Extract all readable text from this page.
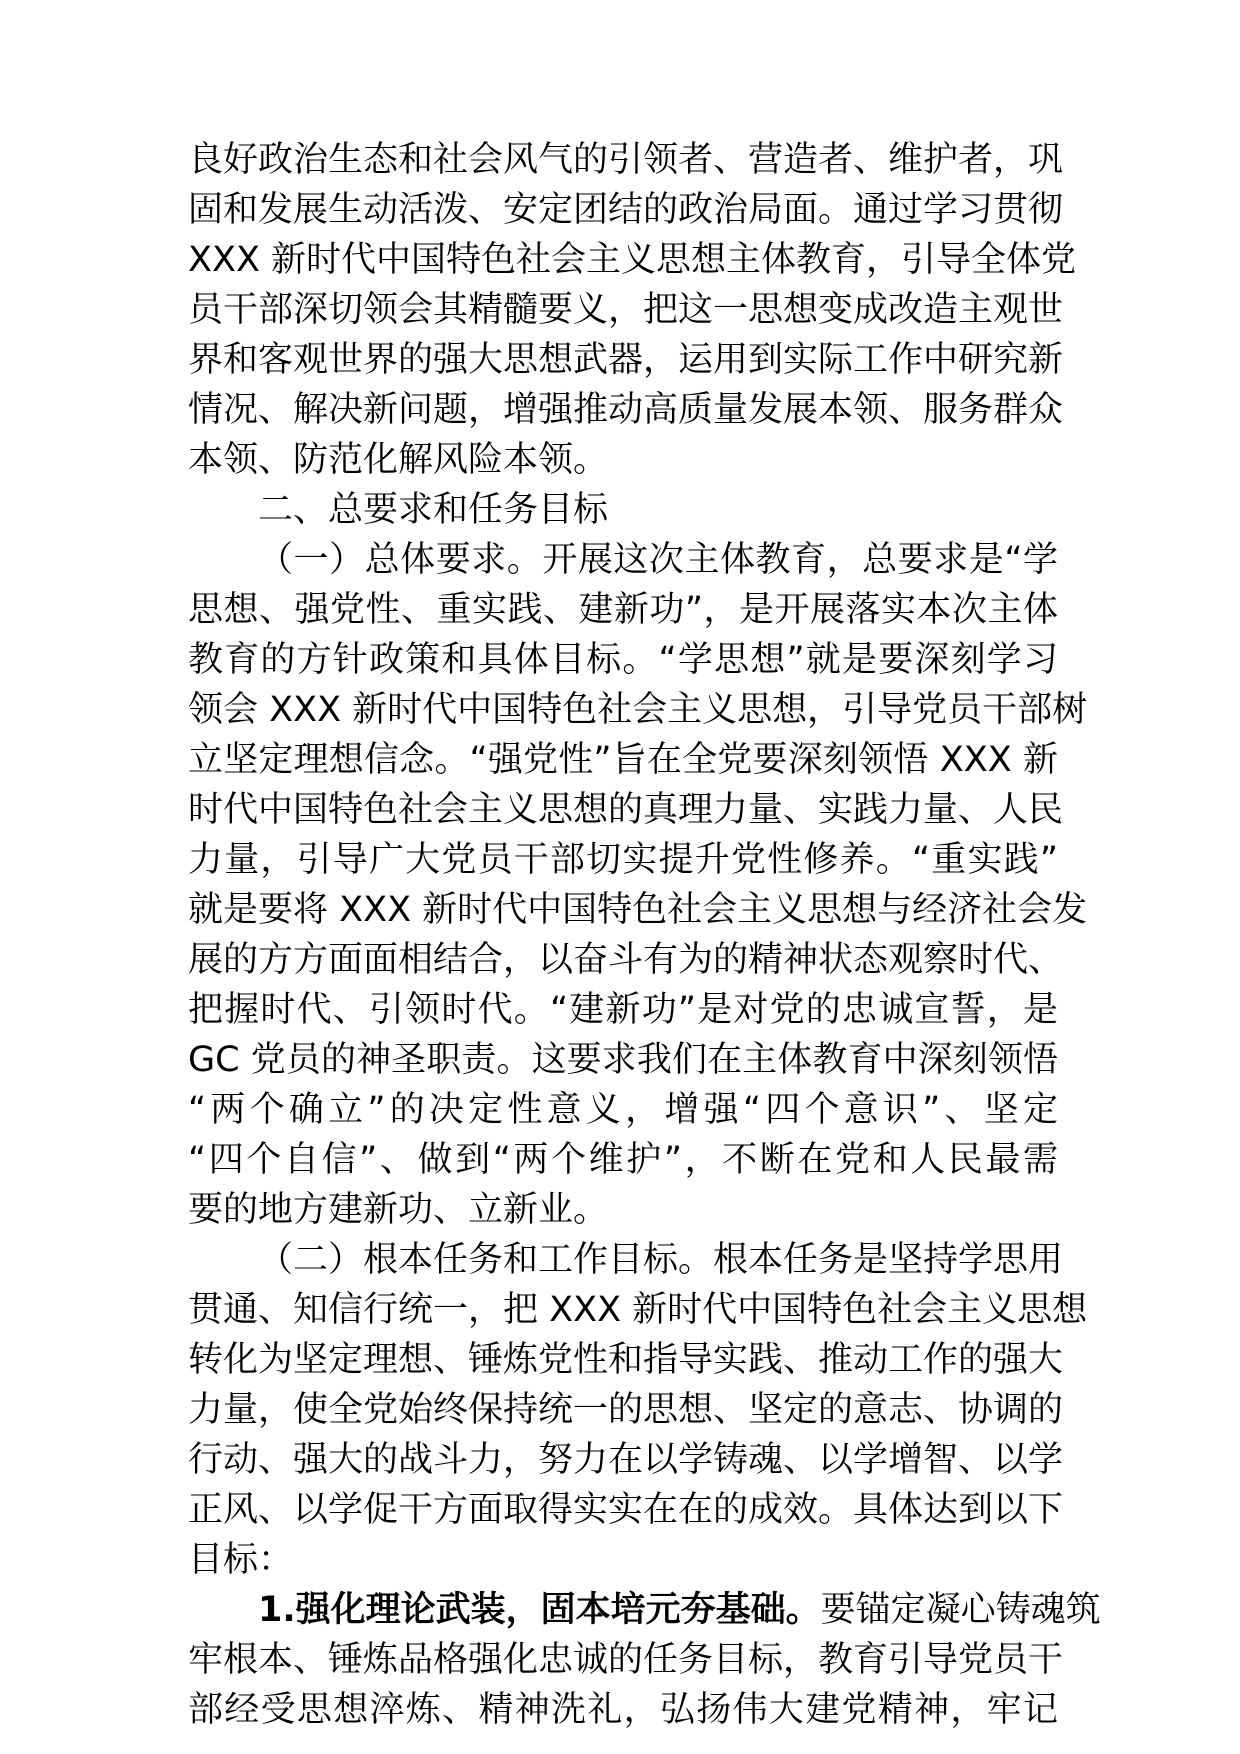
良好政治生态和社会风气的引领者、营造者、维护者，巩
固和发展生动活泼、安定团结的政治局面。通过学习贯彻
XXX 新时代中国特色社会主义思想主体教育，引导全体党
员干部深切领会其精髓要义，把这一思想变成改造主观世
界和客观世界的强大思想武器，运用到实际工作中研究新
情况、解决新问题，增强推动高质量发展本领、服务群众
本领、防范化解风险本领。
二、总要求和任务目标
（一）总体要求。开展这次主体教育，总要求是“学
思想、强党性、重实践、建新功”，是开展落实本次主体
教育的方针政策和具体目标。“学思想”就是要深刻学习
领会 XXX 新时代中国特色社会主义思想，引导党员干部树
立坚定理想信念。“强党性”旨在全党要深刻领悟 XXX 新
时代中国特色社会主义思想的真理力量、实践力量、人民
力量，引导广大党员干部切实提升党性修养。“重实践”
就是要将 XXX 新时代中国特色社会主义思想与经济社会发
展的方方面面相结合，以奋斗有为的精神状态观察时代、
把握时代、引领时代。“建新功”是对党的忠诚宣誓，是
GC 党员的神圣职责。这要求我们在主体教育中深刻领悟
“两个确立”的决定性意义，增强“四个意识”、坚定
“四个自信”、做到“两个维护”，不断在党和人民最需
要的地方建新功、立新业。
（二）根本任务和工作目标。根本任务是坚持学思用
贯通、知信行统一，把 XXX 新时代中国特色社会主义思想
转化为坚定理想、锤炼党性和指导实践、推动工作的强大
力量，使全党始终保持统一的思想、坚定的意志、协调的
行动、强大的战斗力，努力在以学铸魂、以学增智、以学
正风、以学促干方面取得实实在在的成效。具体达到以下
目标：
1.强化理论武装，固本培元夯基础。要锚定凝心铸魂筑
牢根本、锤炼品格强化忠诚的任务目标，教育引导党员干
部经受思想淬炼、精神洗礼，弘扬伟大建党精神，牢记
